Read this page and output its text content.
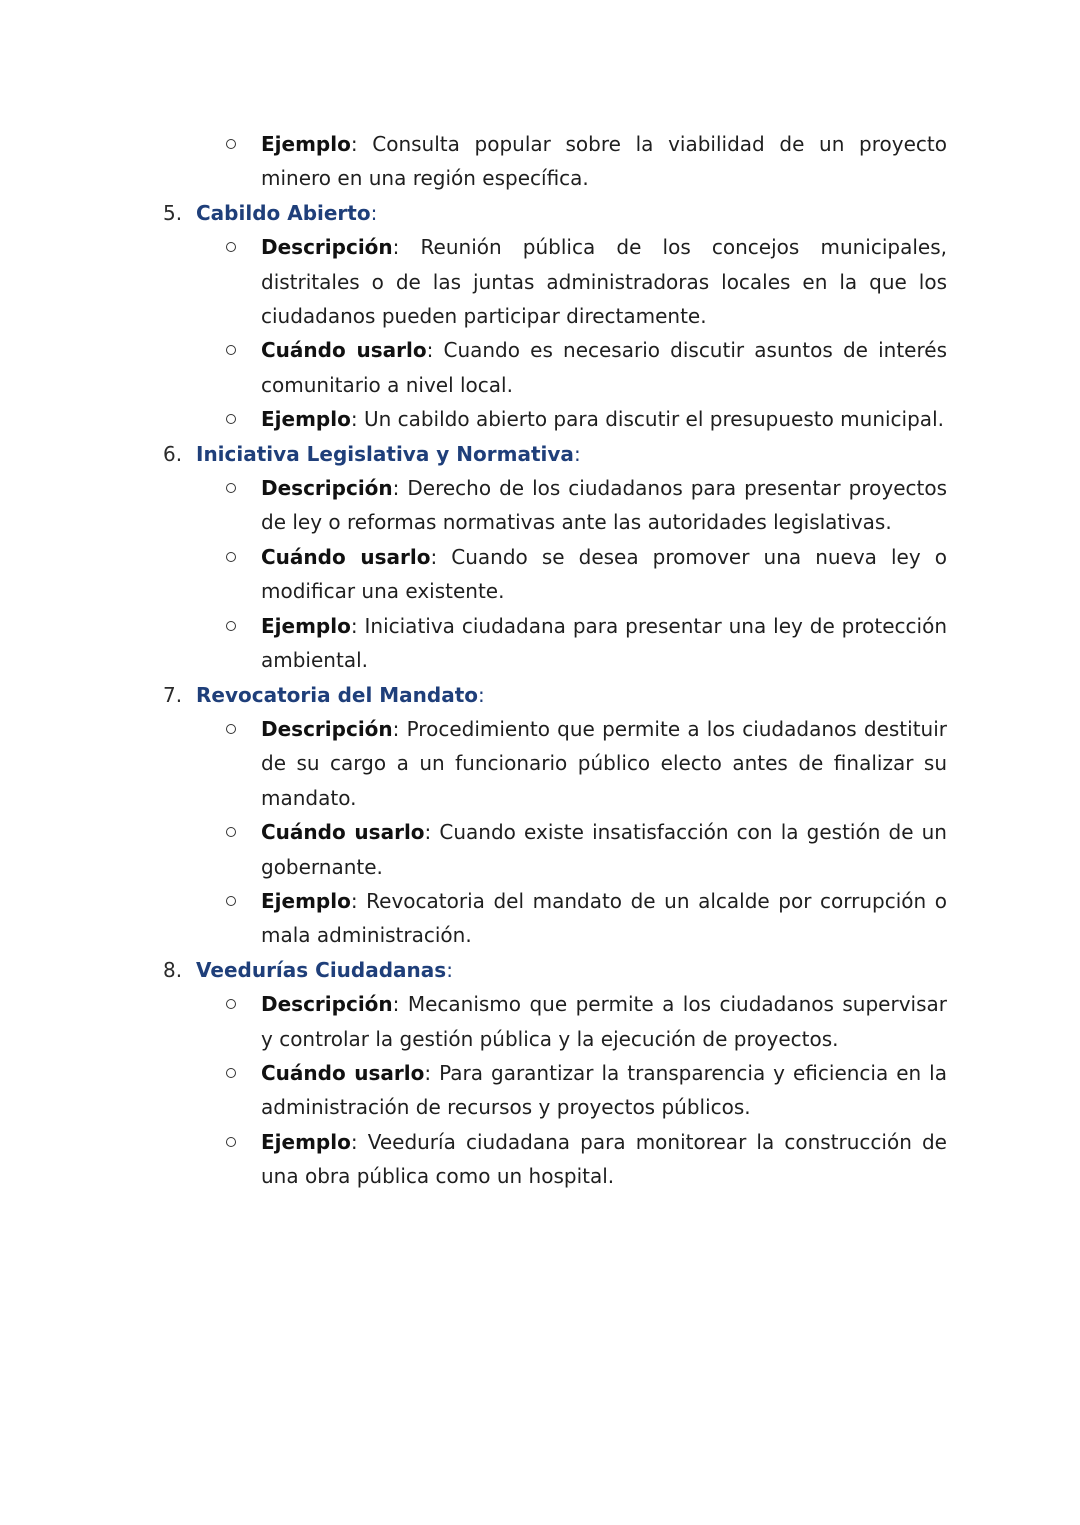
Ejemplo: Consulta popular sobre la viabilidad de un proyecto minero en una región específica.
5. Cabildo Abierto:
Descripción: Reunión pública de los concejos municipales, distritales o de las juntas administradoras locales en la que los ciudadanos pueden participar directamente.
Cuándo usarlo: Cuando es necesario discutir asuntos de interés comunitario a nivel local.
Ejemplo: Un cabildo abierto para discutir el presupuesto municipal.
6. Iniciativa Legislativa y Normativa:
Descripción: Derecho de los ciudadanos para presentar proyectos de ley o reformas normativas ante las autoridades legislativas.
Cuándo usarlo: Cuando se desea promover una nueva ley o modificar una existente.
Ejemplo: Iniciativa ciudadana para presentar una ley de protección ambiental.
7. Revocatoria del Mandato:
Descripción: Procedimiento que permite a los ciudadanos destituir de su cargo a un funcionario público electo antes de finalizar su mandato.
Cuándo usarlo: Cuando existe insatisfacción con la gestión de un gobernante.
Ejemplo: Revocatoria del mandato de un alcalde por corrupción o mala administración.
8. Veedurías Ciudadanas:
Descripción: Mecanismo que permite a los ciudadanos supervisar y controlar la gestión pública y la ejecución de proyectos.
Cuándo usarlo: Para garantizar la transparencia y eficiencia en la administración de recursos y proyectos públicos.
Ejemplo: Veeduría ciudadana para monitorear la construcción de una obra pública como un hospital.
